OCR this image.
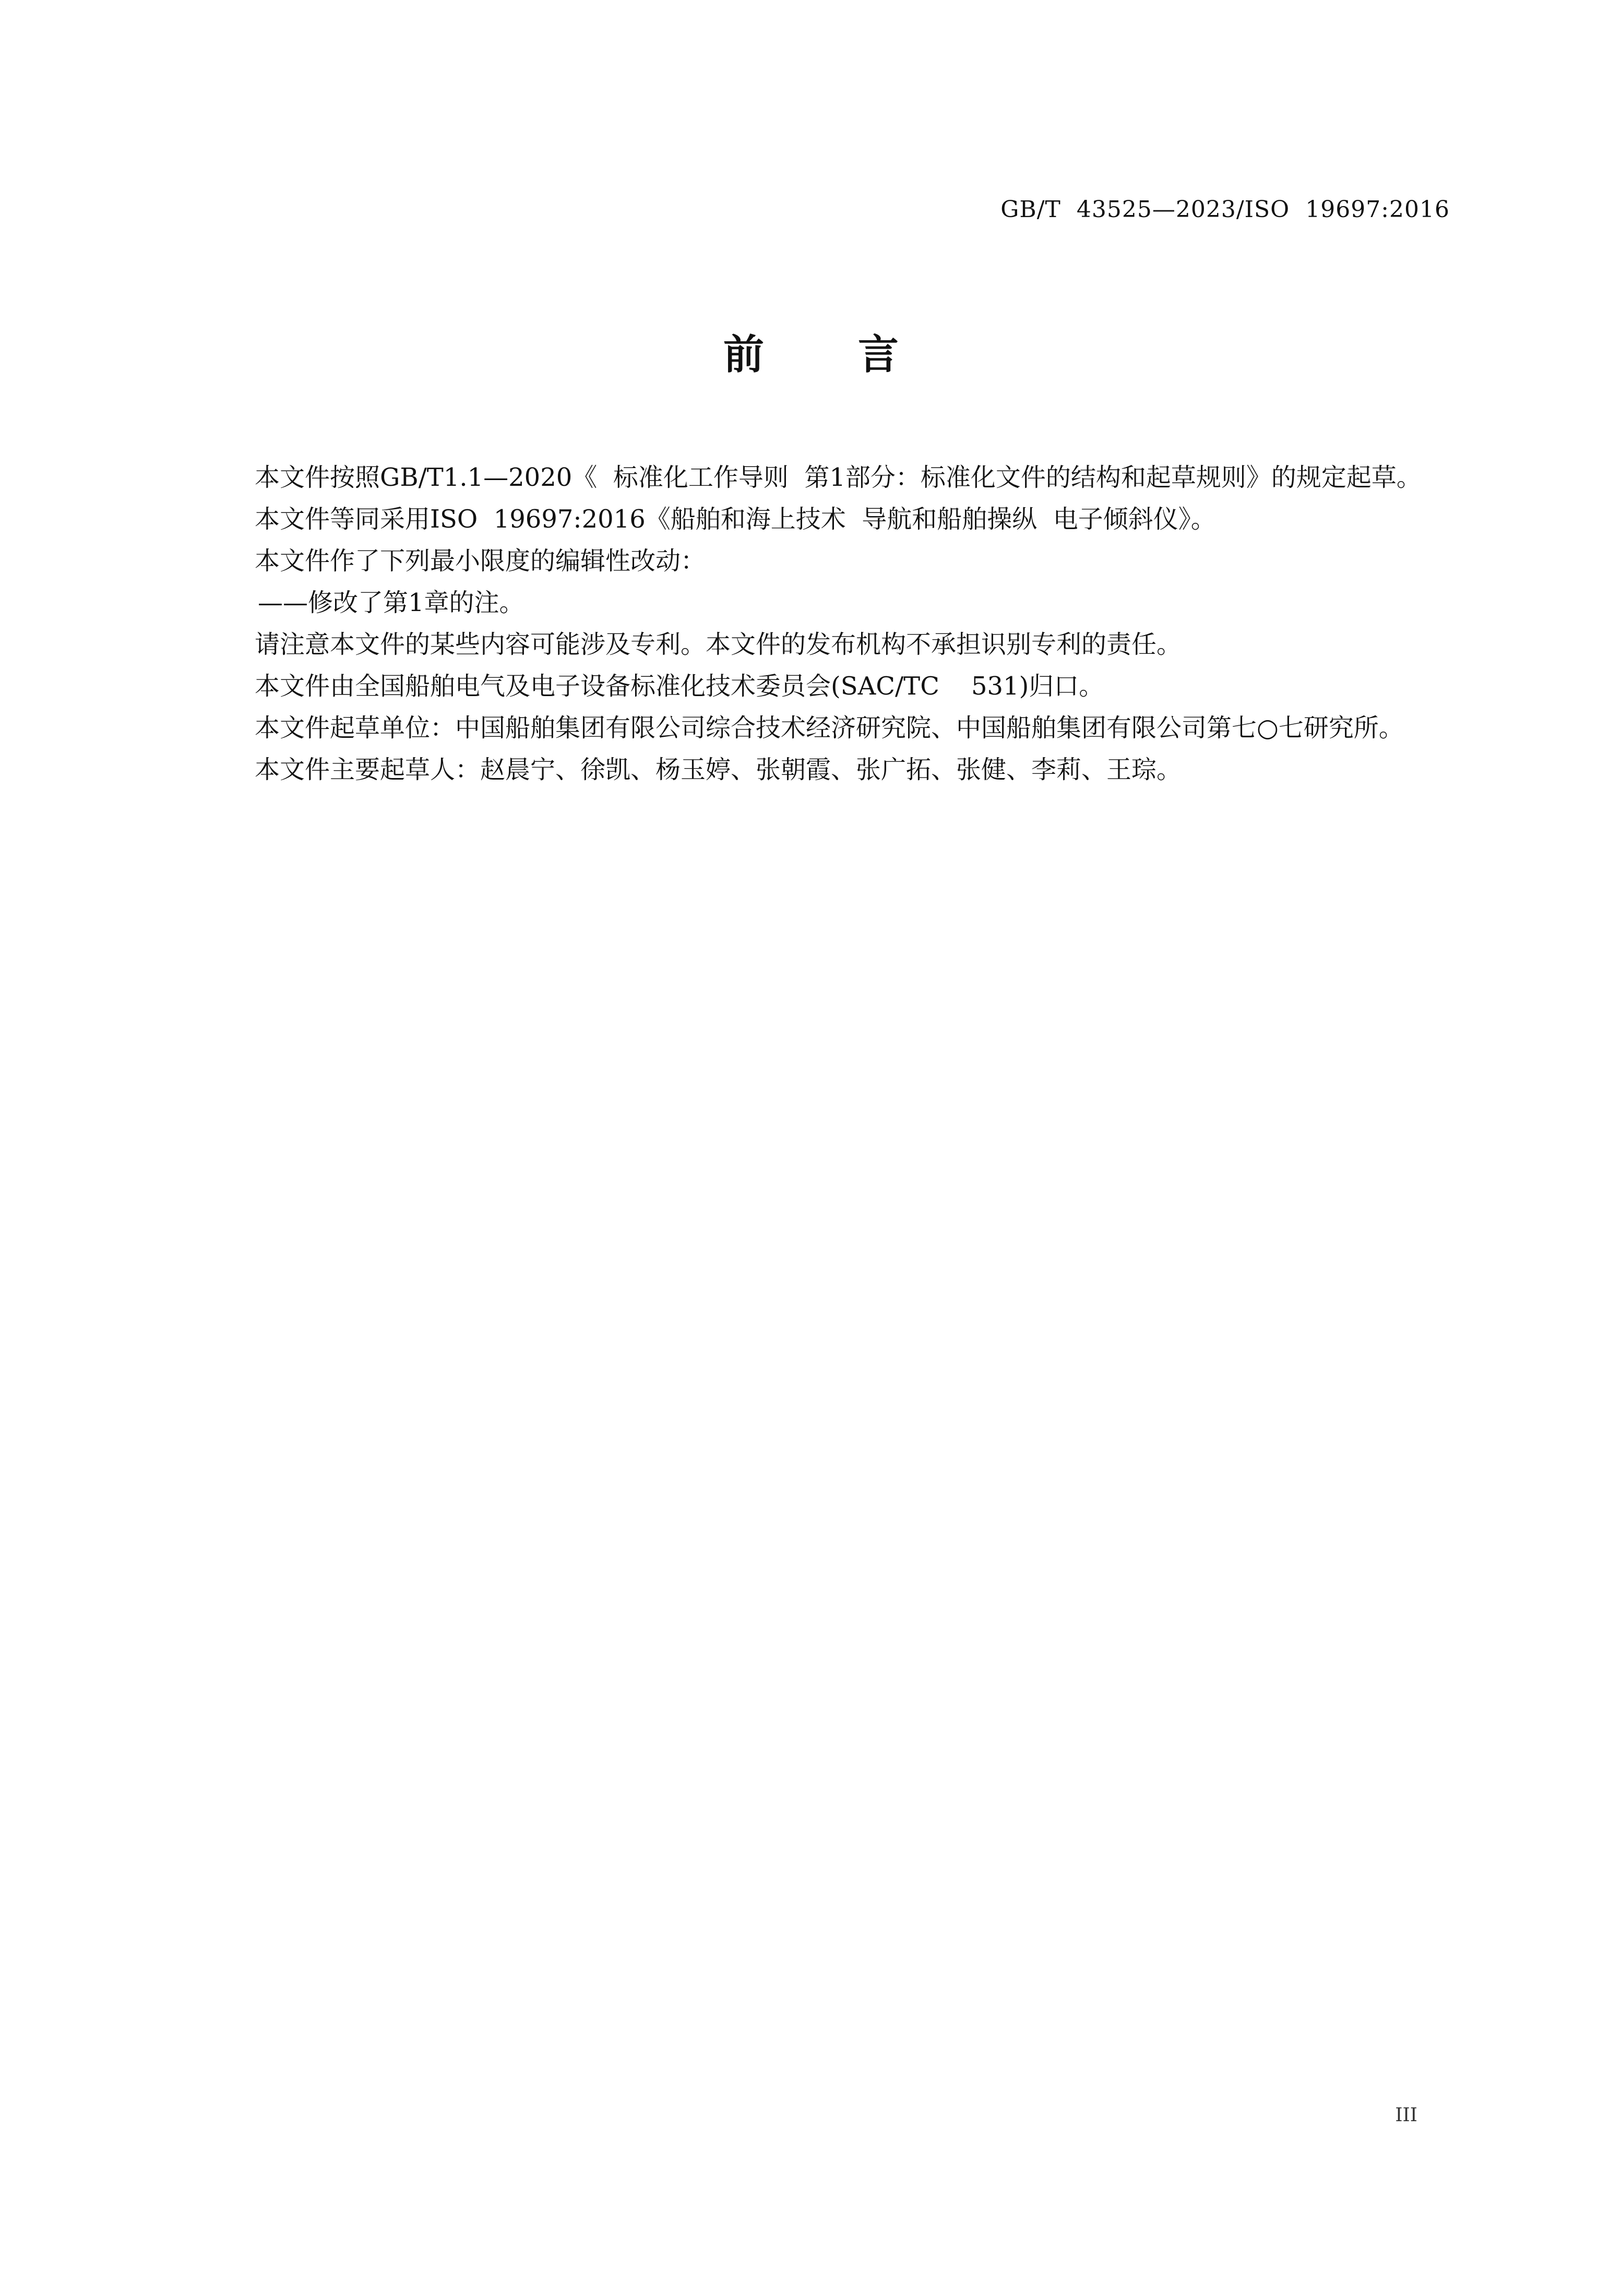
GB/T  43525—2023/ISO  19697:2016
前言

本文件按照GB/T1.1—2020《  标准化工作导则  第1部分：标准化文件的结构和起草规则》的规定起草。

本文件等同采用ISO  19697:2016《船舶和海上技术  导航和船舶操纵  电子倾斜仪》。

本文件作了下列最小限度的编辑性改动：

——修改了第1章的注。

请注意本文件的某些内容可能涉及专利。本文件的发布机构不承担识别专利的责任。

本文件由全国船舶电气及电子设备标准化技术委员会(SAC/TC    531)归口。

本文件起草单位：中国船舶集团有限公司综合技术经济研究院、中国船舶集团有限公司第七○七研究所。

本文件主要起草人：赵晨宁、徐凯、杨玉婷、张朝霞、张广拓、张健、李莉、王琮。

III
